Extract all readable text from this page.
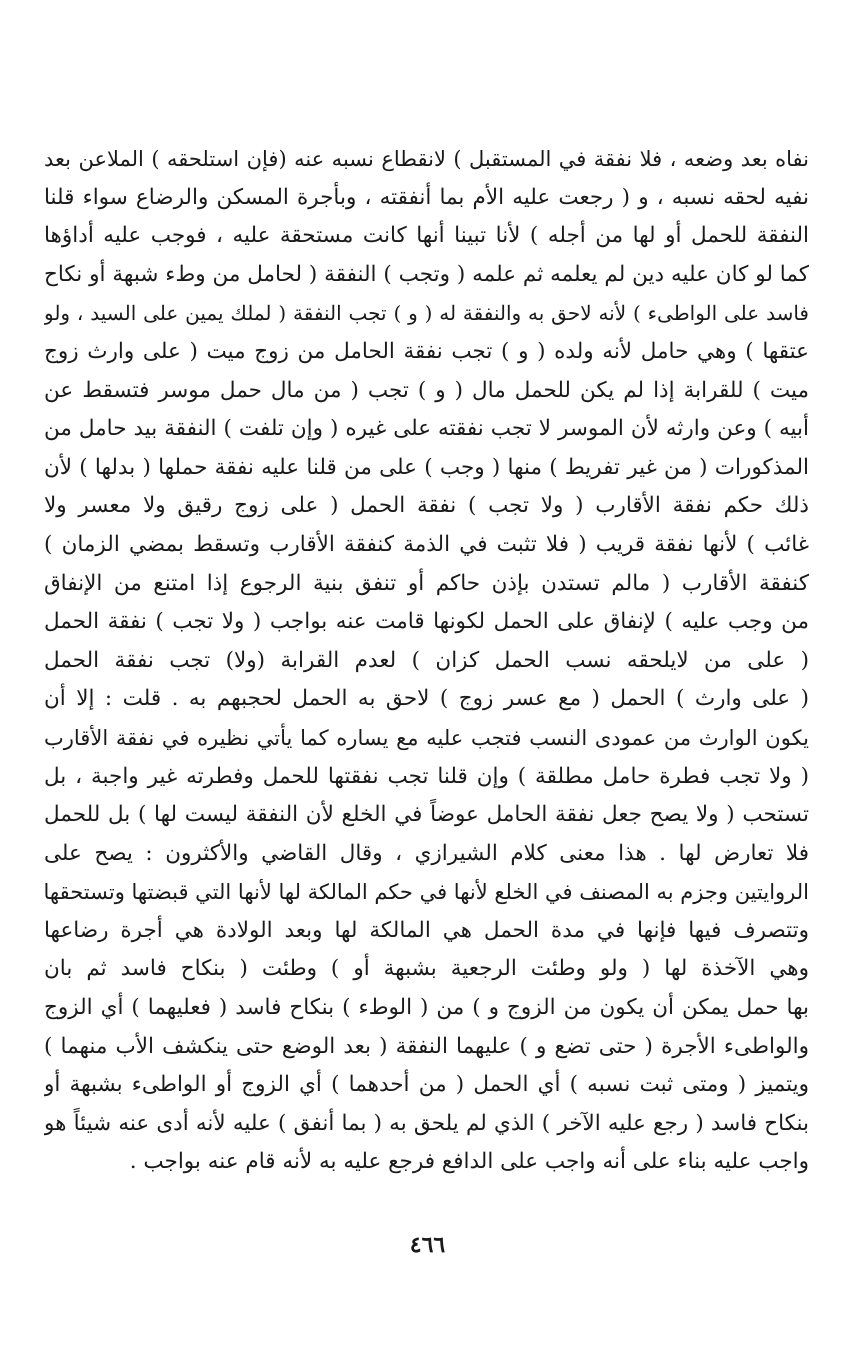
نفاه بعد وضعه ، فلا نفقة في المستقبل ) لانقطاع نسبه عنه (فإن استلحقه ) الملاعن بعد
نفيه لحقه نسبه ، و ( رجعت عليه الأم بما أنفقته ، وبأجرة المسكن والرضاع سواء قلنا
النفقة للحمل أو لها من أجله ) لأنا تبينا أنها كانت مستحقة عليه ، فوجب عليه أداؤها
كما لو كان عليه دين لم يعلمه ثم علمه ( وتجب ) النفقة ( لحامل من وطء شبهة أو نكاح
فاسد على الواطىء ) لأنه لاحق به والنفقة له ( و ) تجب النفقة ( لملك يمين على السيد ، ولو
عتقها ) وهي حامل لأنه ولده ( و ) تجب نفقة الحامل من زوج ميت ( على وارث زوج
ميت ) للقرابة إذا لم يكن للحمل مال ( و ) تجب ( من مال حمل موسر فتسقط عن
أبيه ) وعن وارثه لأن الموسر لا تجب نفقته على غيره ( وإن تلفت ) النفقة بيد حامل من
المذكورات ( من غير تفريط ) منها ( وجب ) على من قلنا عليه نفقة حملها ( بدلها ) لأن
ذلك حكم نفقة الأقارب ( ولا تجب ) نفقة الحمل ( على زوج رقيق ولا معسر ولا
غائب ) لأنها نفقة قريب ( فلا تثبت في الذمة كنفقة الأقارب وتسقط بمضي الزمان )
كنفقة الأقارب ( مالم تستدن بإذن حاكم أو تنفق بنية الرجوع إذا امتنع من الإنفاق
من وجب عليه ) لإنفاق على الحمل لكونها قامت عنه بواجب ( ولا تجب ) نفقة الحمل
( على من لايلحقه نسب الحمل كزان ) لعدم القرابة (ولا) تجب نفقة الحمل
( على وارث ) الحمل ( مع عسر زوج ) لاحق به الحمل لحجبهم به . قلت : إلا أن
يكون الوارث من عمودى النسب فتجب عليه مع يساره كما يأتي نظيره في نفقة الأقارب
( ولا تجب فطرة حامل مطلقة ) وإن قلنا تجب نفقتها للحمل وفطرته غير واجبة ، بل
تستحب ( ولا يصح جعل نفقة الحامل عوضاً في الخلع لأن النفقة ليست لها ) بل للحمل
فلا تعارض لها . هذا معنى كلام الشيرازي ، وقال القاضي والأكثرون : يصح على
الروايتين وجزم به المصنف في الخلع لأنها في حكم المالكة لها لأنها التي قبضتها وتستحقها
وتتصرف فيها فإنها في مدة الحمل هي المالكة لها وبعد الولادة هي أجرة رضاعها
وهي الآخذة لها ( ولو وطئت الرجعية بشبهة أو ) وطئت ( بنكاح فاسد ثم بان
بها حمل يمكن أن يكون من الزوج و ) من ( الوطء ) بنكاح فاسد ( فعليهما ) أي الزوج
والواطىء الأجرة ( حتى تضع و ) عليهما النفقة ( بعد الوضع حتى ينكشف الأب منهما )
ويتميز ( ومتى ثبت نسبه ) أي الحمل ( من أحدهما ) أي الزوج أو الواطىء بشبهة أو
بنكاح فاسد ( رجع عليه الآخر ) الذي لم يلحق به ( بما أنفق ) عليه لأنه أدى عنه شيئاً هو
واجب عليه بناء على أنه واجب على الدافع فرجع عليه به لأنه قام عنه بواجب .
٤٦٦
